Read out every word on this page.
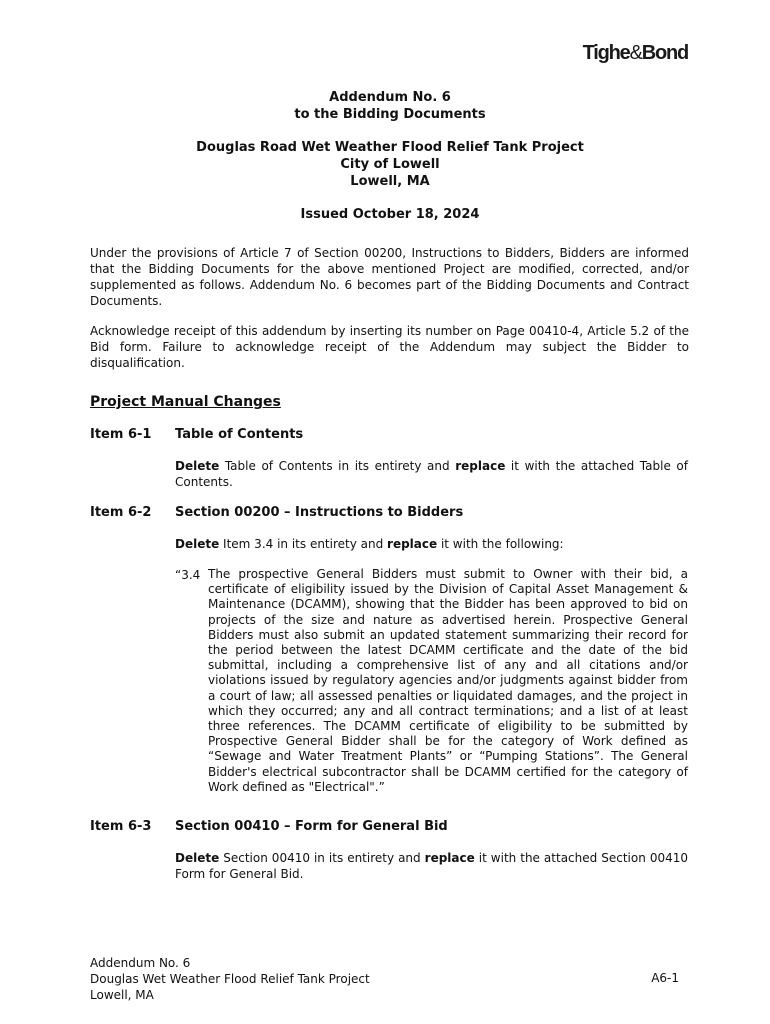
Tighe&Bond
Addendum No. 6
to the Bidding Documents
Douglas Road Wet Weather Flood Relief Tank Project
City of Lowell
Lowell, MA
Issued October 18, 2024

Under the provisions of Article 7 of Section 00200, Instructions to Bidders, Bidders are informed that the Bidding Documents for the above mentioned Project are modified, corrected, and/or supplemented as follows. Addendum No. 6 becomes part of the Bidding Documents and Contract Documents.

Acknowledge receipt of this addendum by inserting its number on Page 00410-4, Article 5.2 of the Bid form. Failure to acknowledge receipt of the Addendum may subject the Bidder to disqualification.

Project Manual Changes
Item 6-1 Table of Contents

Delete Table of Contents in its entirety and replace it with the attached Table of Contents.

Item 6-2 Section 00200 – Instructions to Bidders

Delete Item 3.4 in its entirety and replace it with the following:

“3.4 The prospective General Bidders must submit to Owner with their bid, a certificate of eligibility issued by the Division of Capital Asset Management & Maintenance (DCAMM), showing that the Bidder has been approved to bid on projects of the size and nature as advertised herein. Prospective General Bidders must also submit an updated statement summarizing their record for the period between the latest DCAMM certificate and the date of the bid submittal, including a comprehensive list of any and all citations and/or violations issued by regulatory agencies and/or judgments against bidder from a court of law; all assessed penalties or liquidated damages, and the project in which they occurred; any and all contract terminations; and a list of at least three references. The DCAMM certificate of eligibility to be submitted by Prospective General Bidder shall be for the category of Work defined as “Sewage and Water Treatment Plants” or “Pumping Stations”. The General Bidder's electrical subcontractor shall be DCAMM certified for the category of Work defined as "Electrical".”

Item 6-3 Section 00410 – Form for General Bid

Delete Section 00410 in its entirety and replace it with the attached Section 00410 Form for General Bid.

Addendum No. 6
Douglas Wet Weather Flood Relief Tank Project
Lowell, MA
A6-1
